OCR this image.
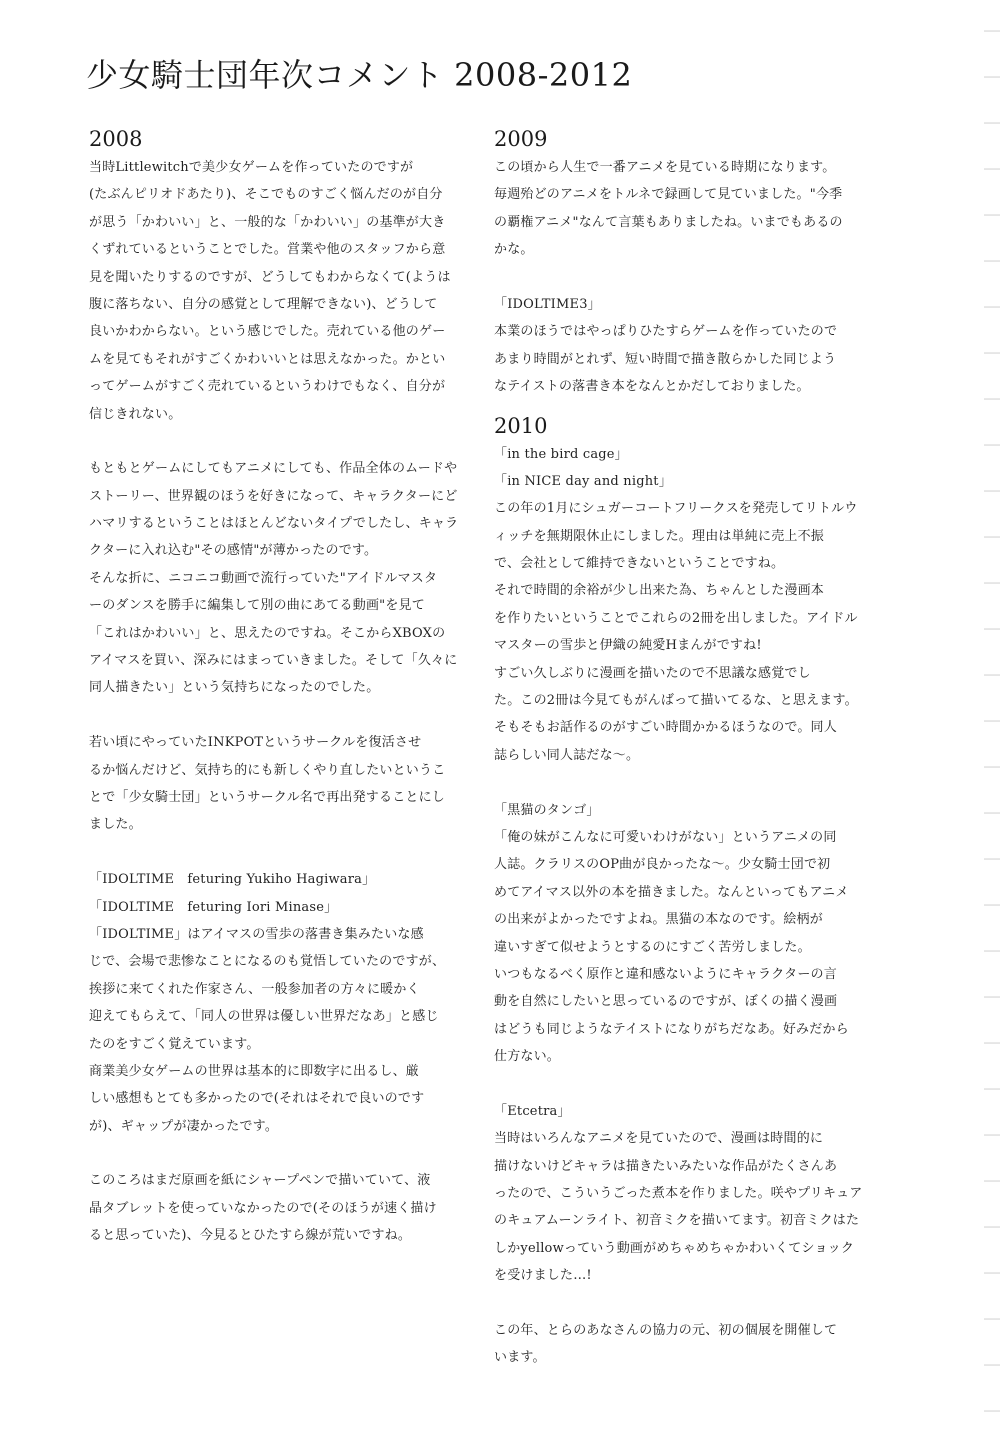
少女騎士団年次コメント 2008-2012
2008
当時Littlewitchで美少女ゲームを作っていたのですが
(たぶんピリオドあたり)、そこでものすごく悩んだのが自分
が思う「かわいい」と、一般的な「かわいい」の基準が大き
くずれているということでした。営業や他のスタッフから意
見を聞いたりするのですが、どうしてもわからなくて(ようは
腹に落ちない、自分の感覚として理解できない)、どうして
良いかわからない。という感じでした。売れている他のゲー
ムを見てもそれがすごくかわいいとは思えなかった。かとい
ってゲームがすごく売れているというわけでもなく、自分が
信じきれない。
もともとゲームにしてもアニメにしても、作品全体のムードや
ストーリー、世界観のほうを好きになって、キャラクターにど
ハマリするということはほとんどないタイプでしたし、キャラ
クターに入れ込む"その感情"が薄かったのです。
そんな折に、ニコニコ動画で流行っていた"アイドルマスタ
ーのダンスを勝手に編集して別の曲にあてる動画"を見て
「これはかわいい」と、思えたのですね。そこからXBOXの
アイマスを買い、深みにはまっていきました。そして「久々に
同人描きたい」という気持ちになったのでした。
若い頃にやっていたINKPOTというサークルを復活させ
るか悩んだけど、気持ち的にも新しくやり直したいというこ
とで「少女騎士団」というサークル名で再出発することにし
ました。
「IDOLTIME　feturing Yukiho Hagiwara」
「IDOLTIME　feturing Iori Minase」
「IDOLTIME」はアイマスの雪歩の落書き集みたいな感
じで、会場で悲惨なことになるのも覚悟していたのですが、
挨拶に来てくれた作家さん、一般参加者の方々に暖かく
迎えてもらえて、「同人の世界は優しい世界だなあ」と感じ
たのをすごく覚えています。
商業美少女ゲームの世界は基本的に即数字に出るし、厳
しい感想もとても多かったので(それはそれで良いのです
が)、ギャップが凄かったです。
このころはまだ原画を紙にシャープペンで描いていて、液
晶タブレットを使っていなかったので(そのほうが速く描け
ると思っていた)、今見るとひたすら線が荒いですね。
2009
この頃から人生で一番アニメを見ている時期になります。
毎週殆どのアニメをトルネで録画して見ていました。"今季
の覇権アニメ"なんて言葉もありましたね。いまでもあるの
かな。
「IDOLTIME3」
本業のほうではやっぱりひたすらゲームを作っていたので
あまり時間がとれず、短い時間で描き散らかした同じよう
なテイストの落書き本をなんとかだしておりました。
2010
「in the bird cage」
「in NICE day and night」
この年の1月にシュガーコートフリークスを発売してリトルウ
ィッチを無期限休止にしました。理由は単純に売上不振
で、会社として維持できないということですね。
それで時間的余裕が少し出来た為、ちゃんとした漫画本
を作りたいということでこれらの2冊を出しました。アイドル
マスターの雪歩と伊織の純愛Hまんがですね!
すごい久しぶりに漫画を描いたので不思議な感覚でし
た。この2冊は今見てもがんばって描いてるな、と思えます。
そもそもお話作るのがすごい時間かかるほうなので。同人
誌らしい同人誌だな〜。
「黒猫のタンゴ」
「俺の妹がこんなに可愛いわけがない」というアニメの同
人誌。クラリスのOP曲が良かったな〜。少女騎士団で初
めてアイマス以外の本を描きました。なんといってもアニメ
の出来がよかったですよね。黒猫の本なのです。絵柄が
違いすぎて似せようとするのにすごく苦労しました。
いつもなるべく原作と違和感ないようにキャラクターの言
動を自然にしたいと思っているのですが、ぼくの描く漫画
はどうも同じようなテイストになりがちだなあ。好みだから
仕方ない。
「Etcetra」
当時はいろんなアニメを見ていたので、漫画は時間的に
描けないけどキャラは描きたいみたいな作品がたくさんあ
ったので、こういうごった煮本を作りました。咲やプリキュア
のキュアムーンライト、初音ミクを描いてます。初音ミクはた
しかyellowっていう動画がめちゃめちゃかわいくてショック
を受けました…!
この年、とらのあなさんの協力の元、初の個展を開催して
います。
